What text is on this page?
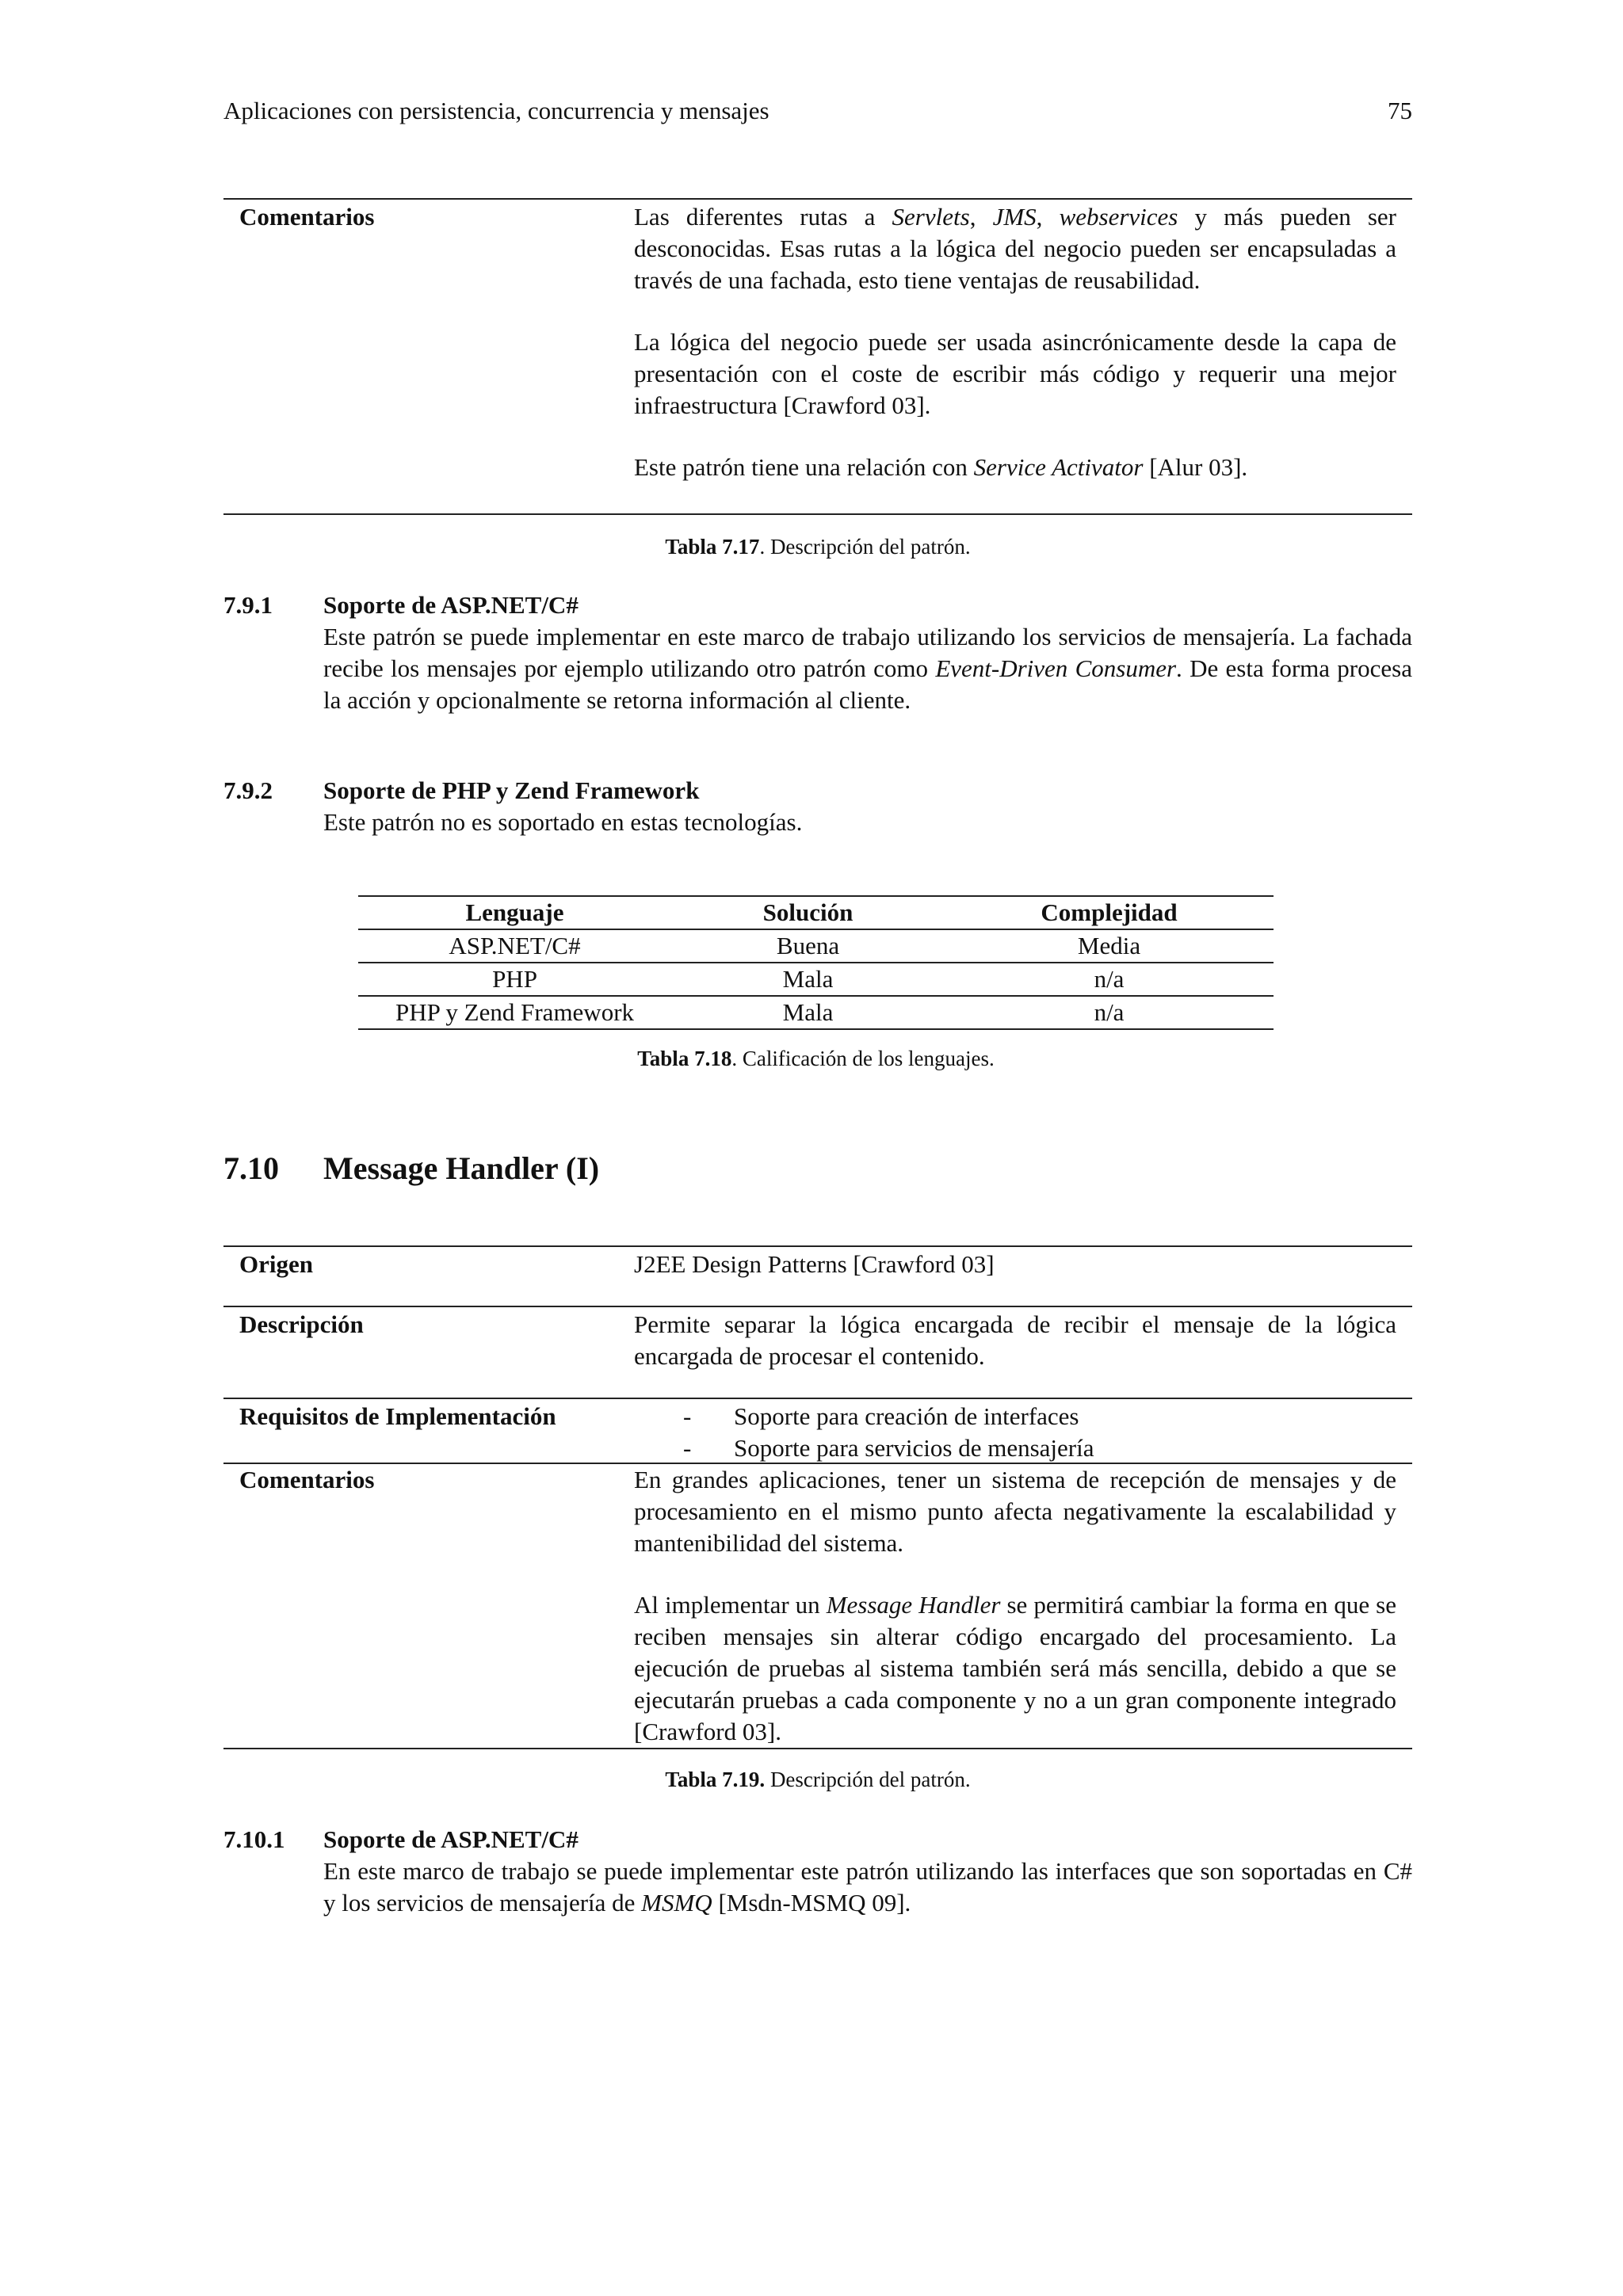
Aplicaciones con persistencia, concurrencia y mensajes	75
Comentarios	Las diferentes rutas a Servlets, JMS, webservices y más pueden ser desconocidas. Esas rutas a la lógica del negocio pueden ser encapsuladas a través de una fachada, esto tiene ventajas de reusabilidad.

La lógica del negocio puede ser usada asincrónicamente desde la capa de presentación con el coste de escribir más código y requerir una mejor infraestructura [Crawford 03].

Este patrón tiene una relación con Service Activator [Alur 03].

Tabla 7.17. Descripción del patrón.
7.9.1 Soporte de ASP.NET/C#
Este patrón se puede implementar en este marco de trabajo utilizando los servicios de mensajería. La fachada recibe los mensajes por ejemplo utilizando otro patrón como Event-Driven Consumer. De esta forma procesa la acción y opcionalmente se retorna información al cliente.
7.9.2 Soporte de PHP y Zend Framework
Este patrón no es soportado en estas tecnologías.
Lenguaje	Solución	Complejidad
ASP.NET/C#	Buena	Media
PHP	Mala	n/a
PHP y Zend Framework	Mala	n/a
Tabla 7.18. Calificación de los lenguajes.
7.10 Message Handler (I)
Origen	J2EE Design Patterns [Crawford 03]
Descripción	Permite separar la lógica encargada de recibir el mensaje de la lógica encargada de procesar el contenido.
Requisitos de Implementación	- Soporte para creación de interfaces
- Soporte para servicios de mensajería
Comentarios	En grandes aplicaciones, tener un sistema de recepción de mensajes y de procesamiento en el mismo punto afecta negativamente la escalabilidad y mantenibilidad del sistema.

Al implementar un Message Handler se permitirá cambiar la forma en que se reciben mensajes sin alterar código encargado del procesamiento. La ejecución de pruebas al sistema también será más sencilla, debido a que se ejecutarán pruebas a cada componente y no a un gran componente integrado [Crawford 03].

Tabla 7.19. Descripción del patrón.
7.10.1 Soporte de ASP.NET/C#
En este marco de trabajo se puede implementar este patrón utilizando las interfaces que son soportadas en C# y los servicios de mensajería de MSMQ [Msdn-MSMQ 09].
